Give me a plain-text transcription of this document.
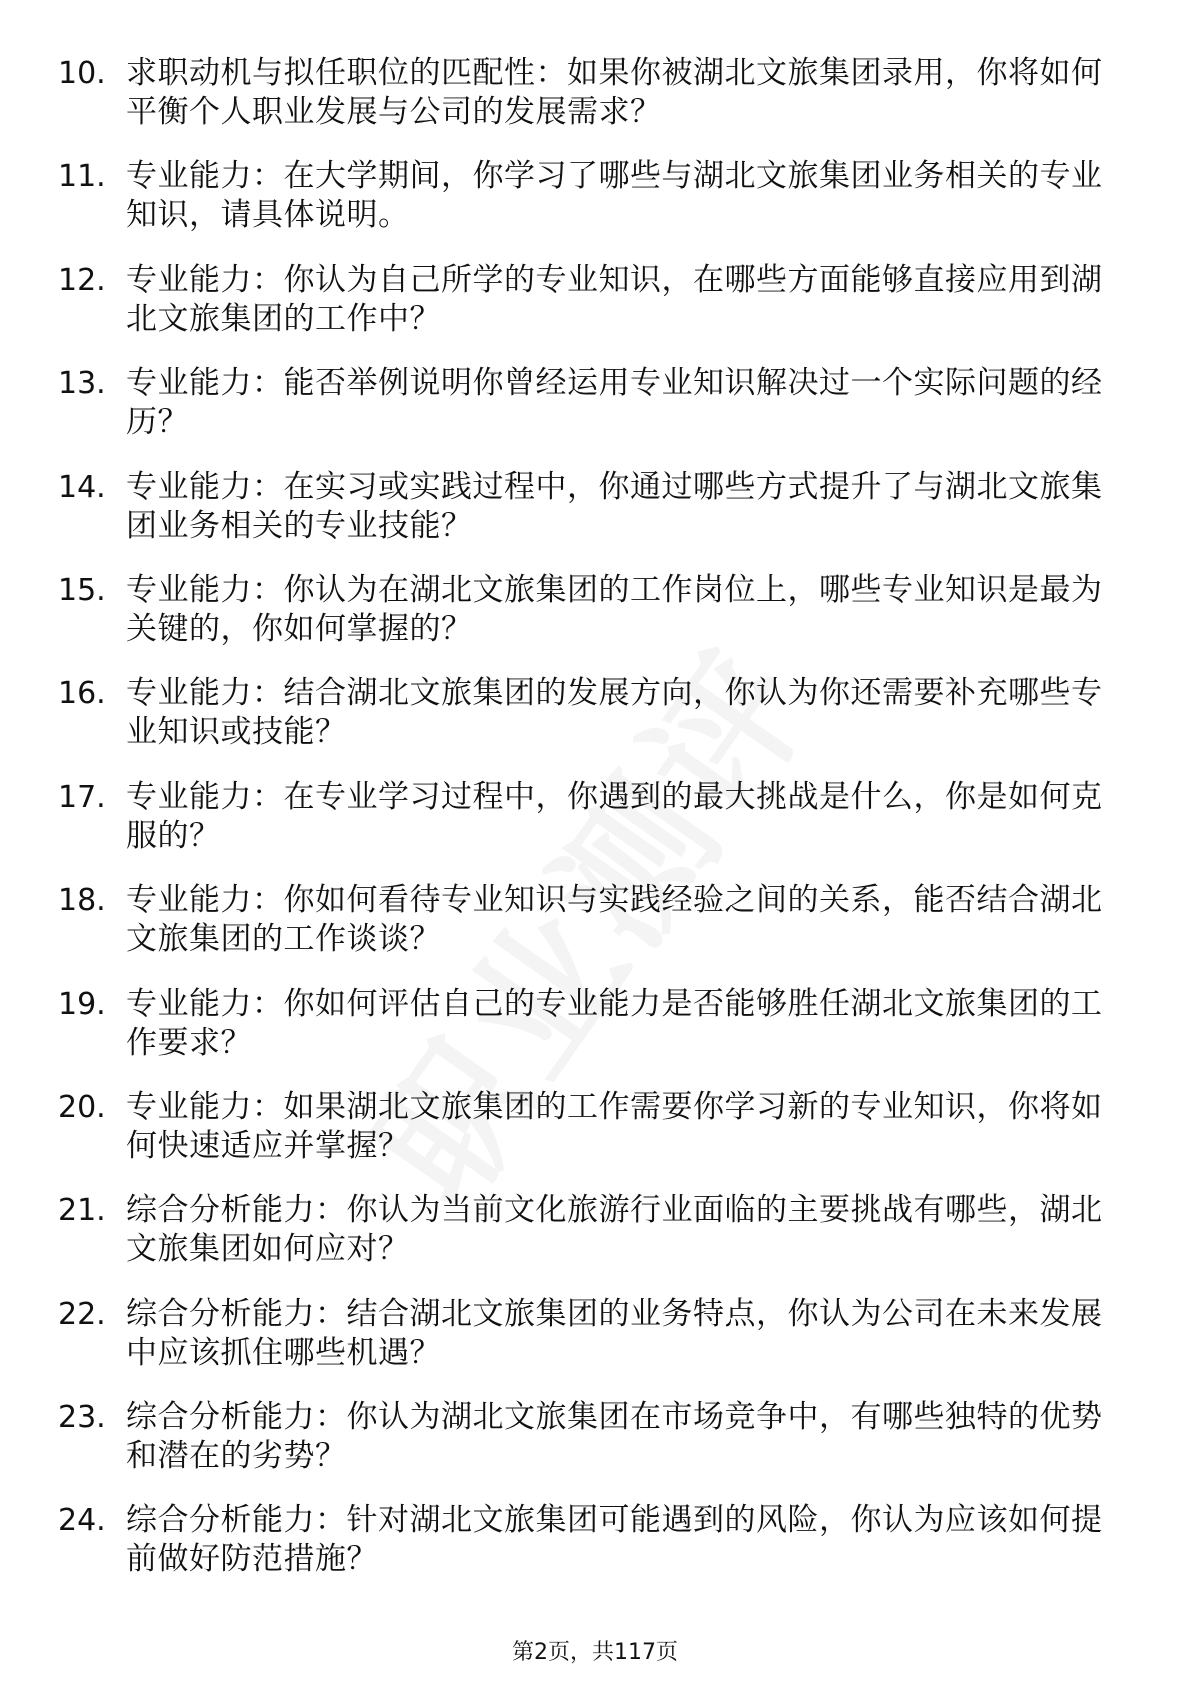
10. 求职动机与拟任职位的匹配性：如果你被湖北文旅集团录用，你将如何平衡个人职业发展与公司的发展需求？
11. 专业能力：在大学期间，你学习了哪些与湖北文旅集团业务相关的专业知识，请具体说明。
12. 专业能力：你认为自己所学的专业知识，在哪些方面能够直接应用到湖北文旅集团的工作中？
13. 专业能力：能否举例说明你曾经运用专业知识解决过一个实际问题的经历？
14. 专业能力：在实习或实践过程中，你通过哪些方式提升了与湖北文旅集团业务相关的专业技能？
15. 专业能力：你认为在湖北文旅集团的工作岗位上，哪些专业知识是最为关键的，你如何掌握的？
16. 专业能力：结合湖北文旅集团的发展方向，你认为你还需要补充哪些专业知识或技能？
17. 专业能力：在专业学习过程中，你遇到的最大挑战是什么，你是如何克服的？
18. 专业能力：你如何看待专业知识与实践经验之间的关系，能否结合湖北文旅集团的工作谈谈？
19. 专业能力：你如何评估自己的专业能力是否能够胜任湖北文旅集团的工作要求？
20. 专业能力：如果湖北文旅集团的工作需要你学习新的专业知识，你将如何快速适应并掌握？
21. 综合分析能力：你认为当前文化旅游行业面临的主要挑战有哪些，湖北文旅集团如何应对？
22. 综合分析能力：结合湖北文旅集团的业务特点，你认为公司在未来发展中应该抓住哪些机遇？
23. 综合分析能力：你认为湖北文旅集团在市场竞争中，有哪些独特的优势和潜在的劣势？
24. 综合分析能力：针对湖北文旅集团可能遇到的风险，你认为应该如何提前做好防范措施？
第2页，共117页
